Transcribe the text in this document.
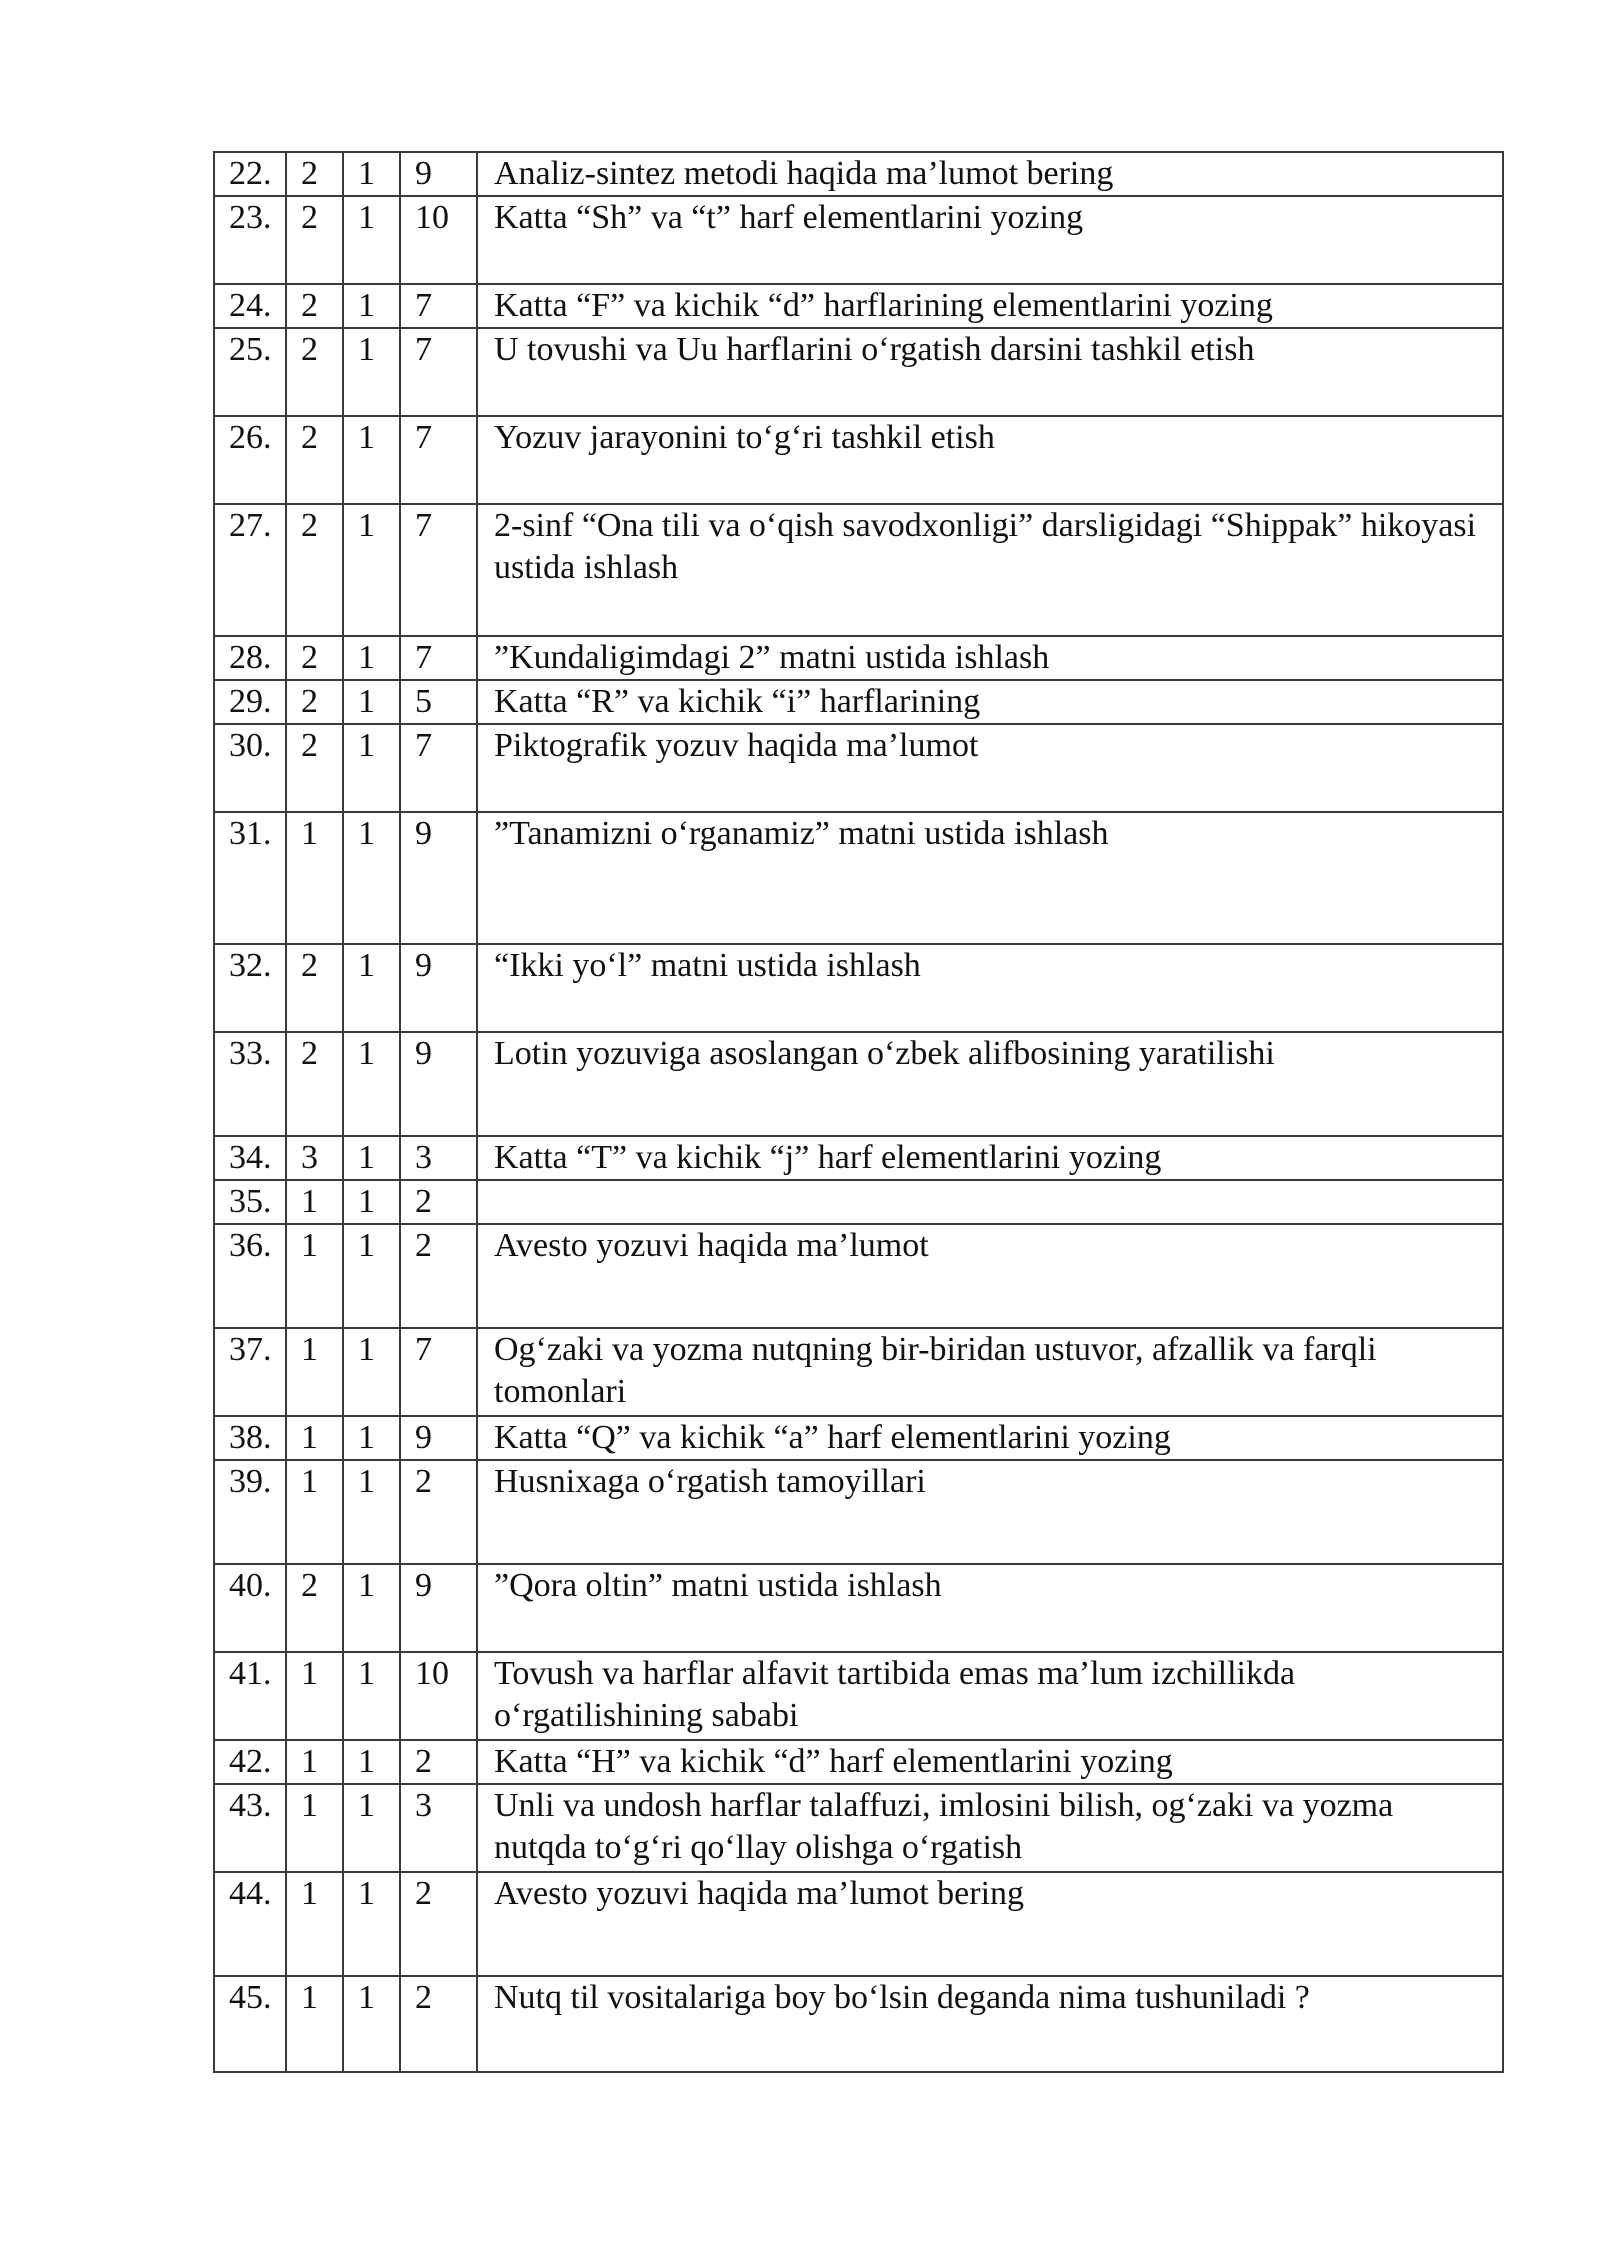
22.	2	1	9	Analiz-sintez metodi haqida ma’lumot bering
23.	2	1	10	Katta “Sh” va “t” harf elementlarini yozing
24.	2	1	7	Katta “F” va kichik “d” harflarining elementlarini yozing
25.	2	1	7	U tovushi va Uu harflarini o‘rgatish darsini tashkil etish
26.	2	1	7	Yozuv jarayonini to‘g‘ri tashkil etish
27.	2	1	7	2-sinf “Ona tili va o‘qish savodxonligi” darsligidagi “Shippak” hikoyasi ustida ishlash
28.	2	1	7	”Kundaligimdagi 2” matni ustida ishlash
29.	2	1	5	Katta “R” va kichik “i” harflarining
30.	2	1	7	Piktografik yozuv haqida ma’lumot
31.	1	1	9	”Tanamizni o‘rganamiz” matni ustida ishlash
32.	2	1	9	“Ikki yo‘l” matni ustida ishlash
33.	2	1	9	Lotin yozuviga asoslangan o‘zbek alifbosining yaratilishi
34.	3	1	3	Katta “T” va kichik “j” harf elementlarini yozing
35.	1	1	2	
36.	1	1	2	Avesto yozuvi haqida ma’lumot
37.	1	1	7	Og‘zaki va yozma nutqning bir-biridan ustuvor, afzallik va farqli tomonlari
38.	1	1	9	Katta “Q” va kichik “a” harf elementlarini yozing
39.	1	1	2	Husnixaga o‘rgatish tamoyillari
40.	2	1	9	”Qora oltin” matni ustida ishlash
41.	1	1	10	Tovush va harflar alfavit tartibida emas ma’lum izchillikda o‘rgatilishining sababi
42.	1	1	2	Katta “H” va kichik “d” harf elementlarini yozing
43.	1	1	3	Unli va undosh harflar talaffuzi, imlosini bilish, og‘zaki va yozma nutqda to‘g‘ri qo‘llay olishga o‘rgatish
44.	1	1	2	Avesto yozuvi haqida ma’lumot bering
45.	1	1	2	Nutq til vositalariga boy bo‘lsin deganda nima tushuniladi ?
